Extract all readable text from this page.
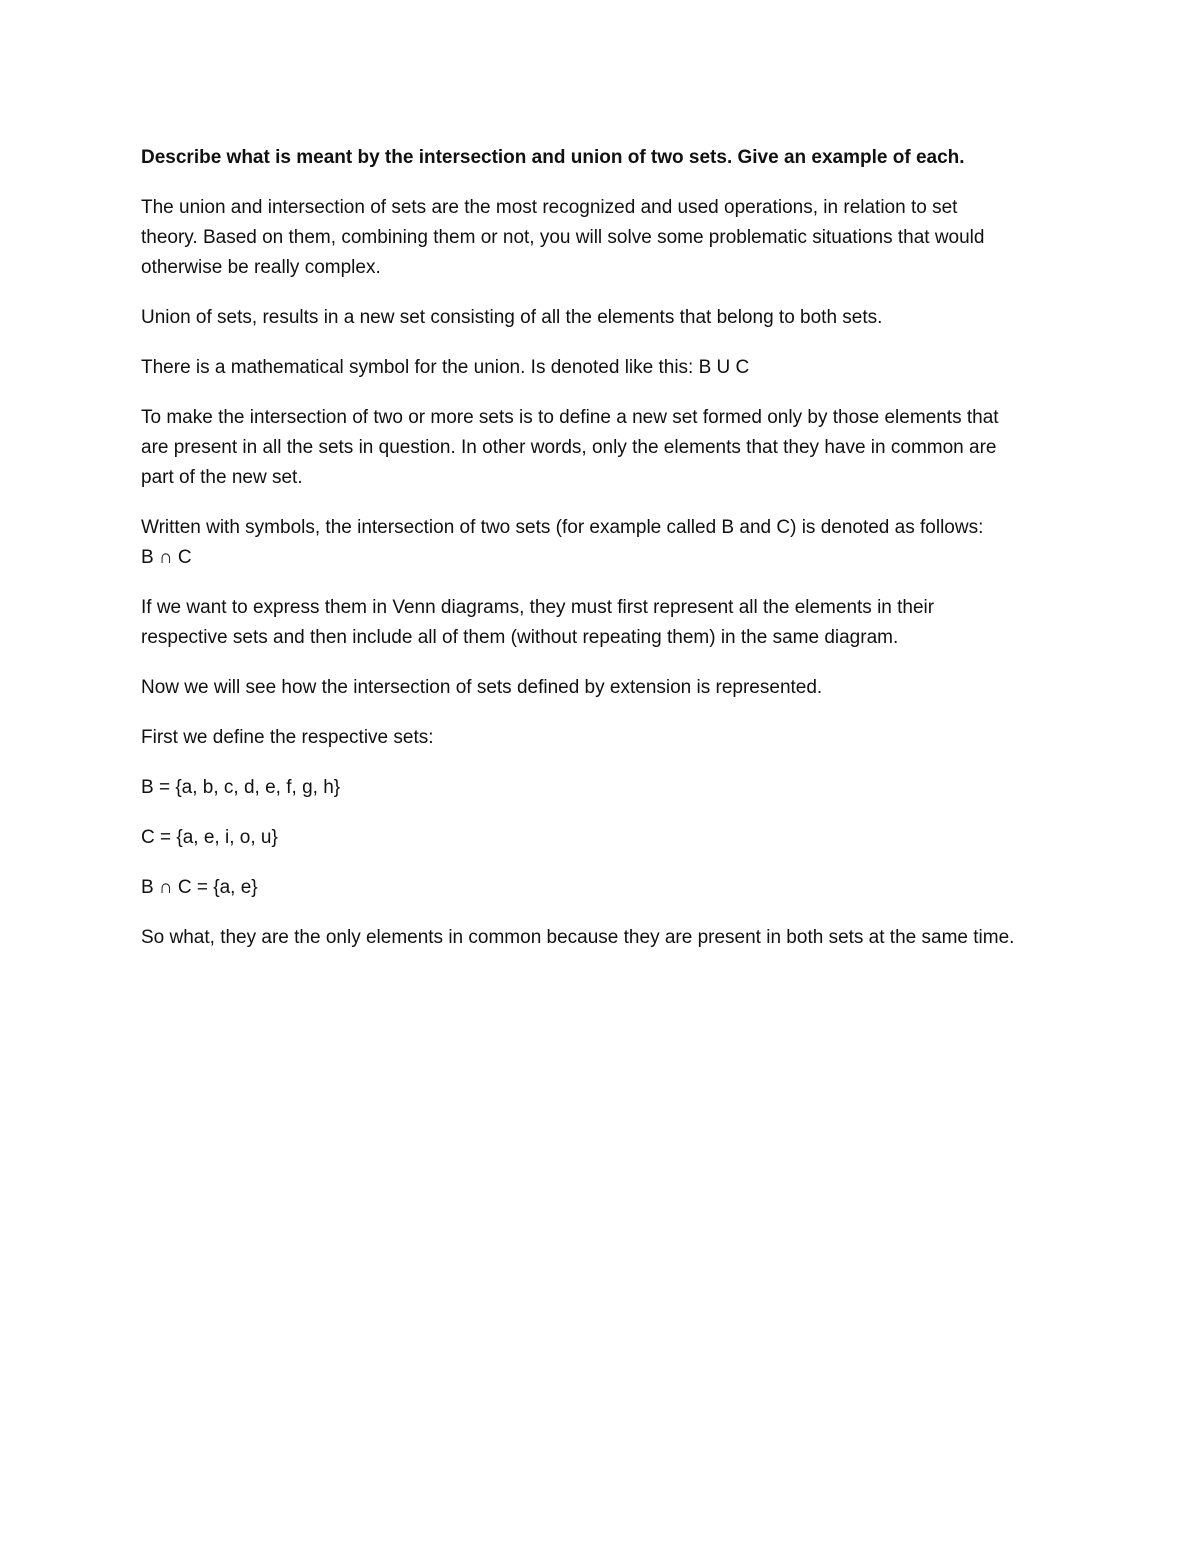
Describe what is meant by the intersection and union of two sets. Give an example of each.

The union and intersection of sets are the most recognized and used operations, in relation to set
theory. Based on them, combining them or not, you will solve some problematic situations that would
otherwise be really complex.

Union of sets, results in a new set consisting of all the elements that belong to both sets.

There is a mathematical symbol for the union. Is denoted like this: B U C

To make the intersection of two or more sets is to define a new set formed only by those elements that
are present in all the sets in question. In other words, only the elements that they have in common are
part of the new set.

Written with symbols, the intersection of two sets (for example called B and C) is denoted as follows:
B ∩ C

If we want to express them in Venn diagrams, they must first represent all the elements in their
respective sets and then include all of them (without repeating them) in the same diagram.

Now we will see how the intersection of sets defined by extension is represented.

First we define the respective sets:

B = {a, b, c, d, e, f, g, h}

C = {a, e, i, o, u}

B ∩ C = {a, e}

So what, they are the only elements in common because they are present in both sets at the same time.
